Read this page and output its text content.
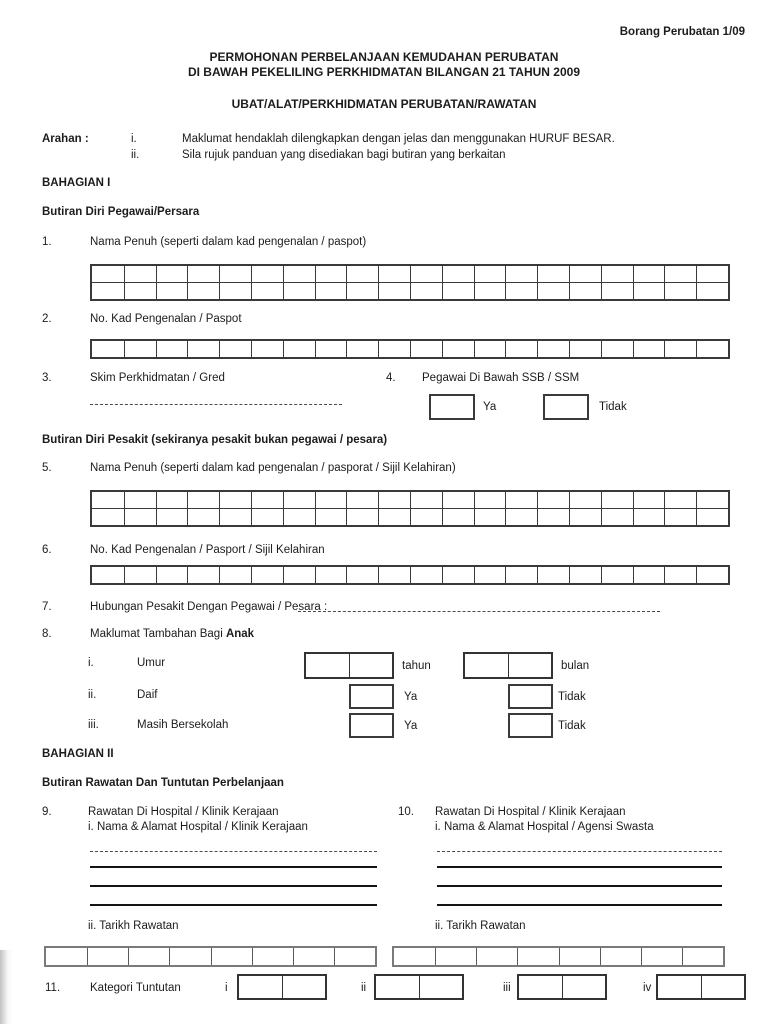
Borang Perubatan 1/09
PERMOHONAN PERBELANJAAN KEMUDAHAN PERUBATAN
DI BAWAH PEKELILING PERKHIDMATAN BILANGAN 21 TAHUN 2009
UBAT/ALAT/PERKHIDMATAN PERUBATAN/RAWATAN
Arahan :	i.	Maklumat hendaklah dilengkapkan dengan jelas dan menggunakan HURUF BESAR.
ii.	Sila rujuk panduan yang disediakan bagi butiran yang berkaitan
BAHAGIAN I
Butiran Diri Pegawai/Persara
1.	Nama Penuh (seperti dalam kad pengenalan / paspot)
2.	No. Kad Pengenalan / Paspot
3.	Skim Perkhidmatan / Gred	4. Pegawai Di Bawah SSB / SSM
Ya	Tidak
Butiran Diri Pesakit (sekiranya pesakit bukan pegawai / pesara)
5.	Nama Penuh (seperti dalam kad pengenalan / pasporat / Sijil Kelahiran)
6.	No. Kad Pengenalan / Pasport / Sijil Kelahiran
7.	Hubungan Pesakit Dengan Pegawai / Pesara :
8.	Maklumat Tambahan Bagi Anak
i.	Umur	tahun	bulan
ii.	Daif	Ya	Tidak
iii.	Masih Bersekolah	Ya	Tidak
BAHAGIAN II
Butiran Rawatan Dan Tuntutan Perbelanjaan
9.	Rawatan Di Hospital / Klinik Kerajaan
i. Nama & Alamat Hospital / Klinik Kerajaan
ii. Tarikh Rawatan
10. Rawatan Di Hospital / Klinik Kerajaan
i. Nama & Alamat Hospital / Agensi Swasta
ii. Tarikh Rawatan
11.	Kategori Tuntutan	i	ii	iii	iv
